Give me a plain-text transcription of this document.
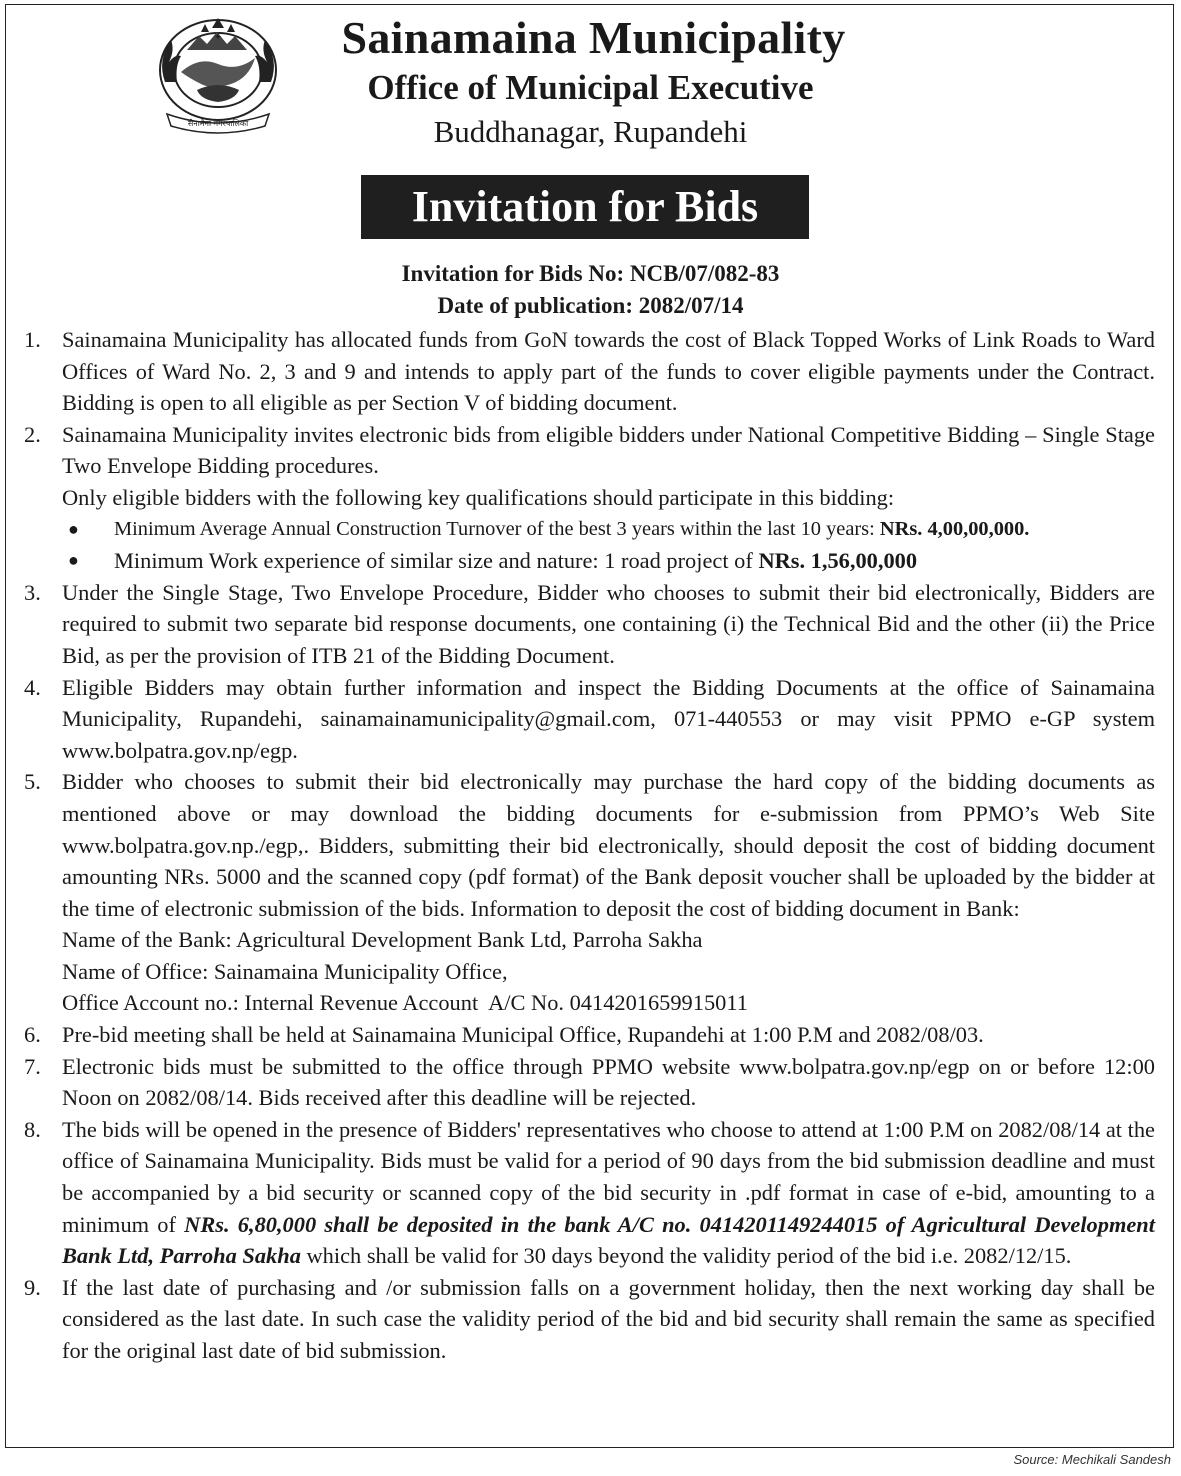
सैनामैना नगरपालिका
✦	Sainamaina Municipality
Office of Municipal Executive
Buddhanagar, Rupandehi
Invitation for Bids
Invitation for Bids No: NCB/07/082-83
Date of publication: 2082/07/14
1. Sainamaina Municipality has allocated funds from GoN towards the cost of Black Topped Works of Link Roads to Ward Offices of Ward No. 2, 3 and 9 and intends to apply part of the funds to cover eligible payments under the Contract. Bidding is open to all eligible as per Section V of bidding document.
2. Sainamaina Municipality invites electronic bids from eligible bidders under National Competitive Bidding – Single Stage Two Envelope Bidding procedures.
Only eligible bidders with the following key qualifications should participate in this bidding:
● Minimum Average Annual Construction Turnover of the best 3 years within the last 10 years: NRs. 4,00,00,000.
● Minimum Work experience of similar size and nature: 1 road project of NRs. 1,56,00,000
3. Under the Single Stage, Two Envelope Procedure, Bidder who chooses to submit their bid electronically, Bidders are required to submit two separate bid response documents, one containing (i) the Technical Bid and the other (ii) the Price Bid, as per the provision of ITB 21 of the Bidding Document.
4. Eligible Bidders may obtain further information and inspect the Bidding Documents at the office of Sainamaina Municipality, Rupandehi, sainamainamunicipality@gmail.com, 071-440553 or may visit PPMO e-GP system www.bolpatra.gov.np/egp.
5. Bidder who chooses to submit their bid electronically may purchase the hard copy of the bidding documents as mentioned above or may download the bidding documents for e-submission from PPMO’s Web Site www.bolpatra.gov.np./egp,. Bidders, submitting their bid electronically, should deposit the cost of bidding document amounting NRs. 5000 and the scanned copy (pdf format) of the Bank deposit voucher shall be uploaded by the bidder at the time of electronic submission of the bids. Information to deposit the cost of bidding document in Bank:
Name of the Bank: Agricultural Development Bank Ltd, Parroha Sakha
Name of Office: Sainamaina Municipality Office,
Office Account no.: Internal Revenue Account  A/C No. 0414201659915011
6. Pre-bid meeting shall be held at Sainamaina Municipal Office, Rupandehi at 1:00 P.M and 2082/08/03.
7. Electronic bids must be submitted to the office through PPMO website www.bolpatra.gov.np/egp on or before 12:00 Noon on 2082/08/14. Bids received after this deadline will be rejected.
8. The bids will be opened in the presence of Bidders' representatives who choose to attend at 1:00 P.M on 2082/08/14 at the office of Sainamaina Municipality. Bids must be valid for a period of 90 days from the bid submission deadline and must be accompanied by a bid security or scanned copy of the bid security in .pdf format in case of e-bid, amounting to a minimum of NRs. 6,80,000 shall be deposited in the bank A/C no. 0414201149244015 of Agricultural Development Bank Ltd, Parroha Sakha which shall be valid for 30 days beyond the validity period of the bid i.e. 2082/12/15.
9. If the last date of purchasing and /or submission falls on a government holiday, then the next working day shall be considered as the last date. In such case the validity period of the bid and bid security shall remain the same as specified for the original last date of bid submission.
Source: Mechikali Sandesh
